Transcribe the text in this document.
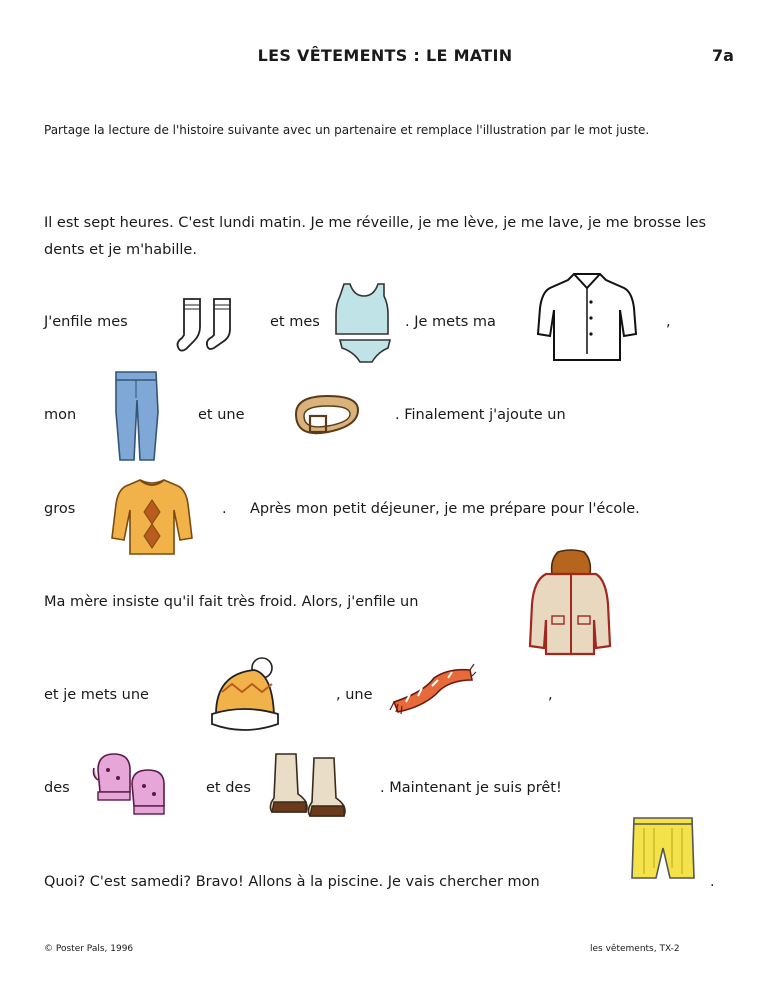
LES VÊTEMENTS : LE MATIN	7a
Partage la lecture de l'histoire suivante avec un partenaire et remplace l'illustration par le mot juste.
Il est sept heures. C'est lundi matin. Je me réveille, je me lève, je me lave, je me brosse les dents et je m'habille.
J'enfile mes	et mes	. Je mets ma	,
mon	et une	. Finalement j'ajoute un
gros	. Après mon petit déjeuner, je me prépare pour l'école.
Ma mère insiste qu'il fait très froid. Alors, j'enfile un
et je mets une	, une	,
des	et des	. Maintenant je suis prêt!
Quoi? C'est samedi? Bravo! Allons à la piscine. Je vais chercher mon	.
© Poster Pals, 1996	les vêtements, TX-2
